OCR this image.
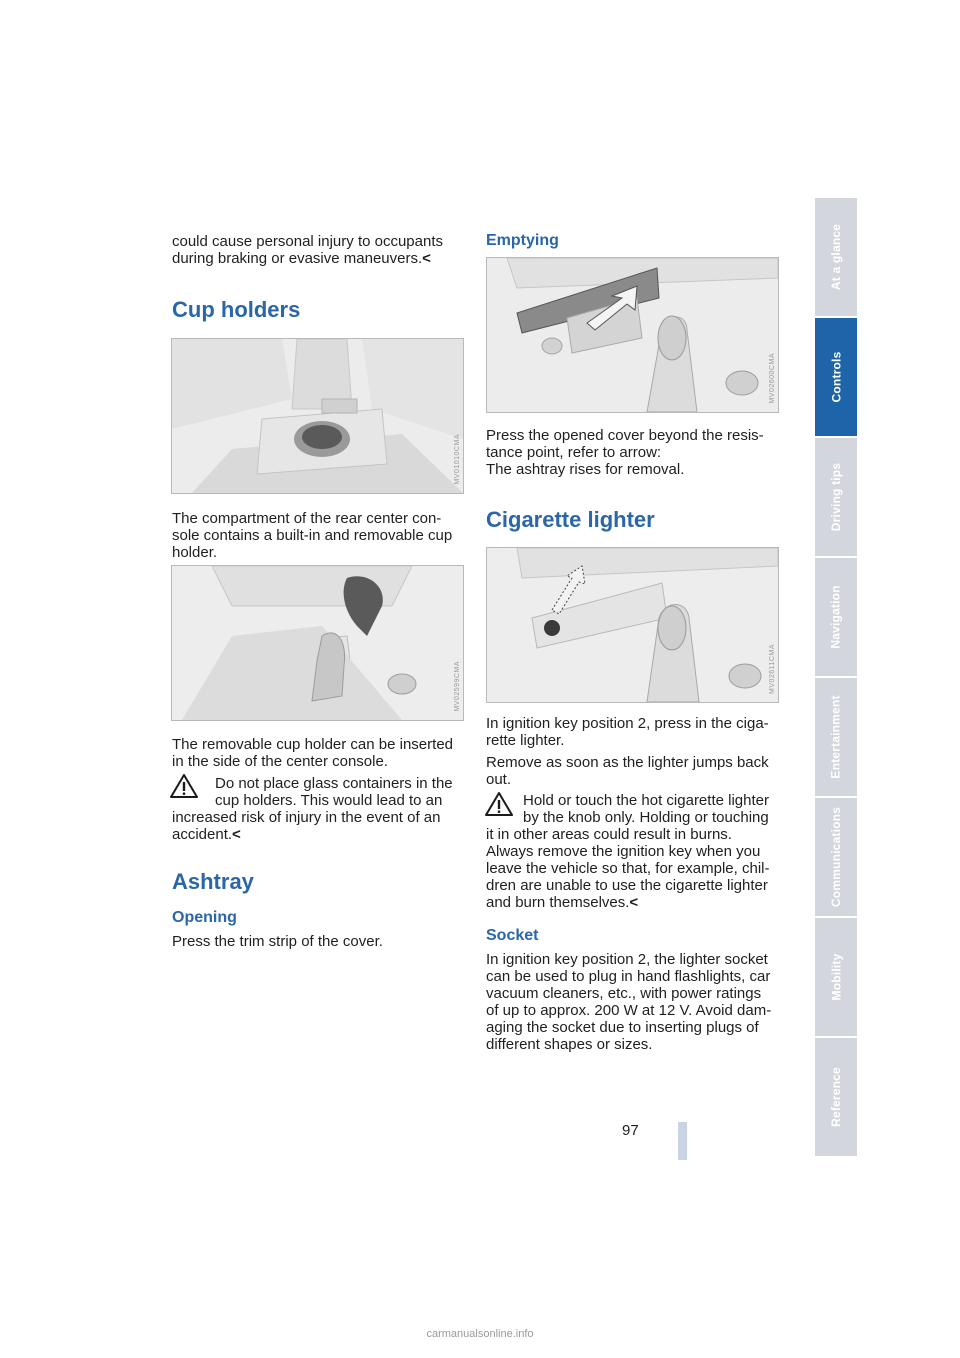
could cause personal injury to occupants

during braking or evasive maneuvers.<

Cup holders
MV01010CMA

The compartment of the rear center con-

sole contains a built-in and removable cup

holder.

MV02599CMA

The removable cup holder can be inserted

in the side of the center console.

Do not place glass containers in the

cup holders. This would lead to an

increased risk of injury in the event of an

accident.<

Ashtray
Opening

Press the trim strip of the cover.

Emptying
MV02600CMA

Press the opened cover beyond the resis-

tance point, refer to arrow:

The ashtray rises for removal.

Cigarette lighter
MV02611CMA

In ignition key position 2, press in the ciga-

rette lighter.

Remove as soon as the lighter jumps back

out.

Hold or touch the hot cigarette lighter

by the knob only. Holding or touching

it in other areas could result in burns.

Always remove the ignition key when you

leave the vehicle so that, for example, chil-

dren are unable to use the cigarette lighter

and burn themselves.<

Socket

In ignition key position 2, the lighter socket

can be used to plug in hand flashlights, car

vacuum cleaners, etc., with power ratings

of up to approx. 200 W at 12 V. Avoid dam-

aging the socket due to inserting plugs of

different shapes or sizes.

At a glance
Controls
Driving tips
Navigation
Entertainment
Communications
Mobility
Reference
97
carmanualsonline.info
